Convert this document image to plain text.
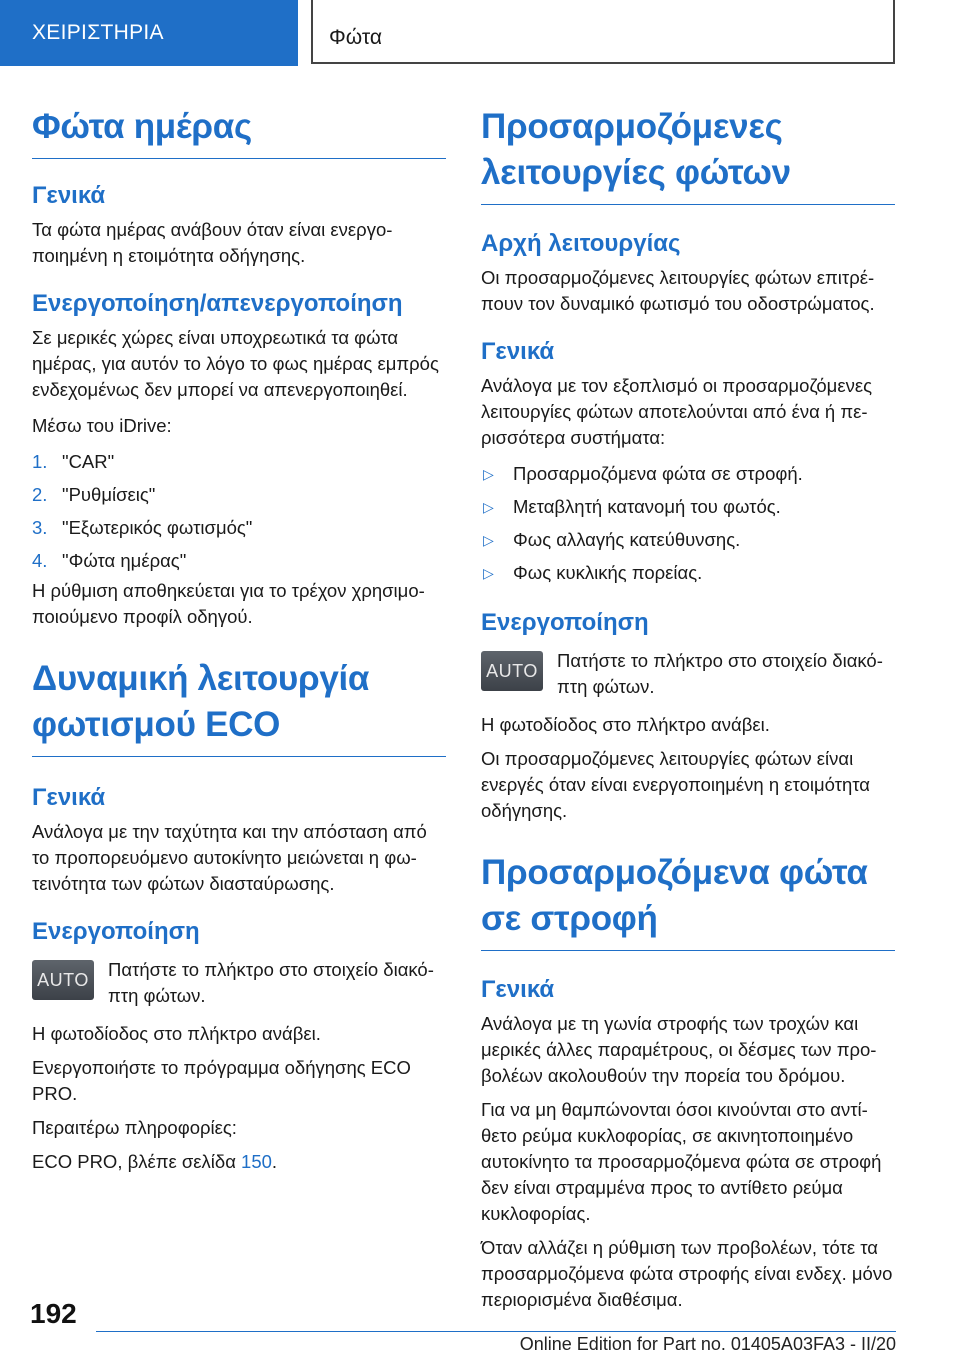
ΧΕΙΡΙΣΤΗΡΙΑ	Φώτα
Φώτα ημέρας
Γενικά

Τα φώτα ημέρας ανάβουν όταν είναι ενεργο-ποιημένη η ετοιμότητα οδήγησης.

Ενεργοποίηση/απενεργοποίηση

Σε μερικές χώρες είναι υποχρεωτικά τα φώτα ημέρας, για αυτόν το λόγο το φως ημέρας εμπρός ενδεχομένως δεν μπορεί να απενεργοποιηθεί.

Μέσω του iDrive:

1. "CAR"
2. "Ρυθμίσεις"
3. "Εξωτερικός φωτισμός"
4. "Φώτα ημέρας"

Η ρύθμιση αποθηκεύεται για το τρέχον χρησιμο-ποιούμενο προφίλ οδηγού.

Δυναμική λειτουργία φωτισμού ECO
Γενικά

Ανάλογα με την ταχύτητα και την απόσταση από το προπορευόμενο αυτοκίνητο μειώνεται η φω-τεινότητα των φώτων διασταύρωσης.

Ενεργοποίηση
AUTO Πατήστε το πλήκτρο στο στοιχείο διακό-πτη φώτων.

Η φωτοδίοδος στο πλήκτρο ανάβει.

Ενεργοποιήστε το πρόγραμμα οδήγησης ECO PRO.

Περαιτέρω πληροφορίες:

ECO PRO, βλέπε σελίδα 150.

Προσαρμοζόμενες λειτουργίες φώτων
Αρχή λειτουργίας

Οι προσαρμοζόμενες λειτουργίες φώτων επιτρέ-πουν τον δυναμικό φωτισμό του οδοστρώματος.

Γενικά

Ανάλογα με τον εξοπλισμό οι προσαρμοζόμενες λειτουργίες φώτων αποτελούνται από ένα ή πε-ρισσότερα συστήματα:

▷	Προσαρμοζόμενα φώτα σε στροφή.
▷	Μεταβλητή κατανομή του φωτός.
▷	Φως αλλαγής κατεύθυνσης.
▷	Φως κυκλικής πορείας.
Ενεργοποίηση
AUTO Πατήστε το πλήκτρο στο στοιχείο διακό-πτη φώτων.

Η φωτοδίοδος στο πλήκτρο ανάβει.

Οι προσαρμοζόμενες λειτουργίες φώτων είναι ενεργές όταν είναι ενεργοποιημένη η ετοιμότητα οδήγησης.

Προσαρμοζόμενα φώτα σε στροφή
Γενικά

Ανάλογα με τη γωνία στροφής των τροχών και μερικές άλλες παραμέτρους, οι δέσμες των προ-βολέων ακολουθούν την πορεία του δρόμου.

Για να μη θαμπώνονται όσοι κινούνται στο αντί-θετο ρεύμα κυκλοφορίας, σε ακινητοποιημένο αυτοκίνητο τα προσαρμοζόμενα φώτα σε στροφή δεν είναι στραμμένα προς το αντίθετο ρεύμα κυκλοφορίας.

Όταν αλλάζει η ρύθμιση των προβολέων, τότε τα προσαρμοζόμενα φώτα στροφής είναι ενδεχ. μόνο περιορισμένα διαθέσιμα.

192
Online Edition for Part no. 01405A03FA3 - II/20
